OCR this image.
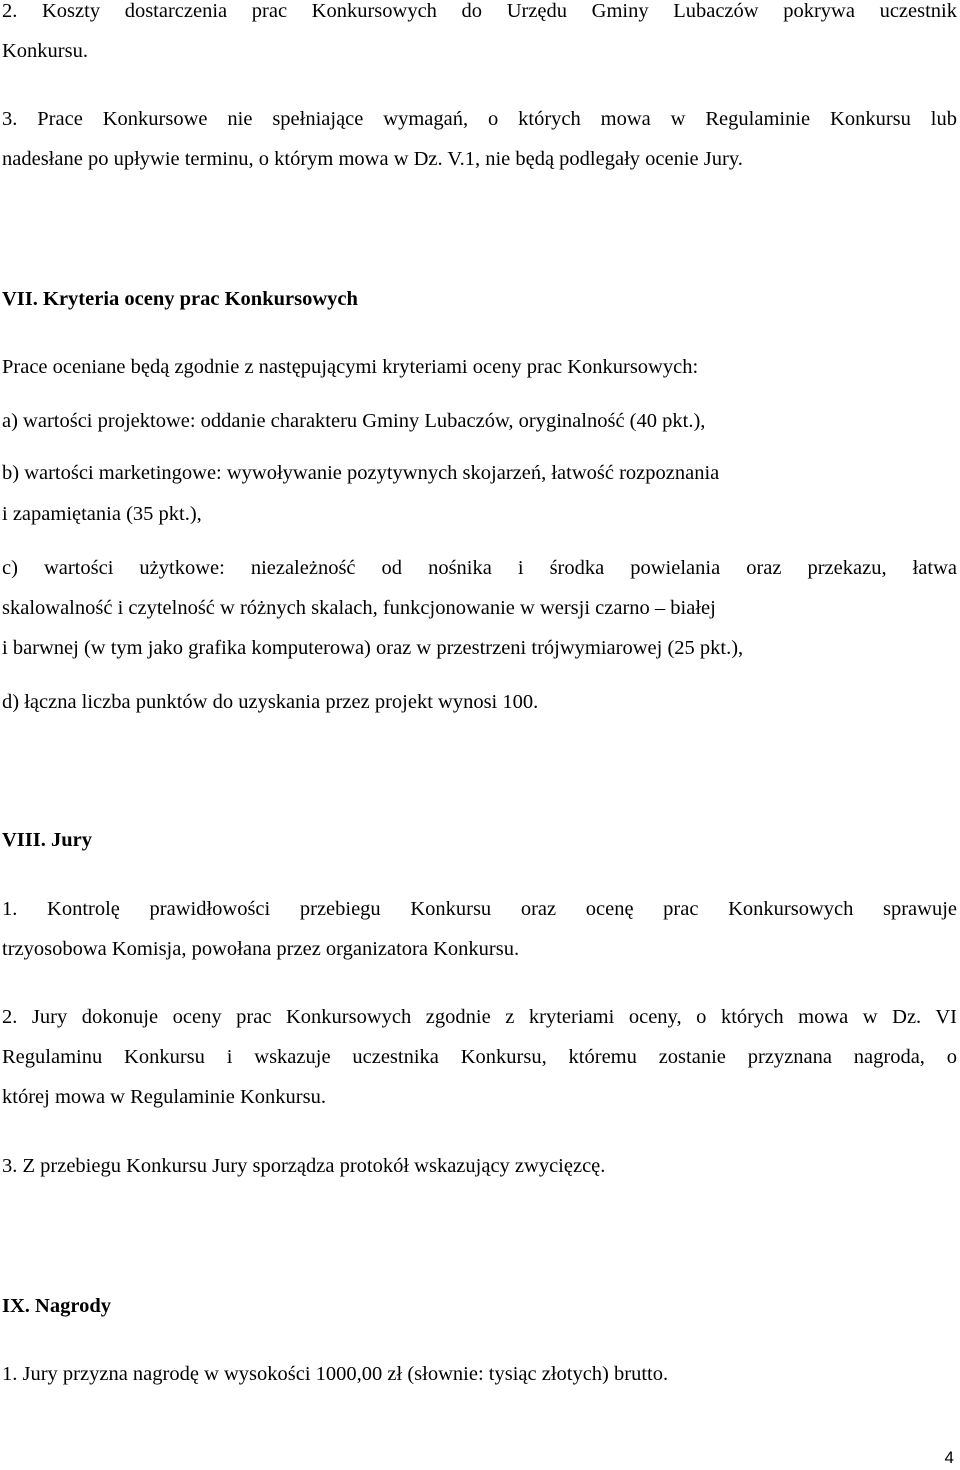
2. Koszty dostarczenia prac Konkursowych do Urzędu Gminy Lubaczów pokrywa uczestnik
Konkursu.
3. Prace Konkursowe nie spełniające wymagań, o których mowa w Regulaminie Konkursu lub
nadesłane po upływie terminu, o którym mowa w Dz. V.1, nie będą podlegały ocenie Jury.
VII. Kryteria oceny prac Konkursowych
Prace oceniane będą zgodnie z następującymi kryteriami oceny prac Konkursowych:
a) wartości projektowe: oddanie charakteru Gminy Lubaczów, oryginalność (40 pkt.),
b) wartości marketingowe: wywoływanie pozytywnych skojarzeń, łatwość rozpoznania
i zapamiętania (35 pkt.),
c) wartości użytkowe: niezależność od nośnika i środka powielania oraz przekazu, łatwa
skalowalność i czytelność w różnych skalach, funkcjonowanie w wersji czarno – białej
i barwnej (w tym jako grafika komputerowa) oraz w przestrzeni trójwymiarowej (25 pkt.),
d) łączna liczba punktów do uzyskania przez projekt wynosi 100.
VIII. Jury
1. Kontrolę prawidłowości przebiegu Konkursu oraz ocenę prac Konkursowych sprawuje
trzyosobowa Komisja, powołana przez organizatora Konkursu.
2. Jury dokonuje oceny prac Konkursowych zgodnie z kryteriami oceny, o których mowa w Dz. VI
Regulaminu Konkursu i wskazuje uczestnika Konkursu, któremu zostanie przyznana nagroda, o
której mowa w Regulaminie Konkursu.
3. Z przebiegu Konkursu Jury sporządza protokół wskazujący zwycięzcę.
IX. Nagrody
1. Jury przyzna nagrodę w wysokości 1000,00 zł (słownie: tysiąc złotych) brutto.
4
